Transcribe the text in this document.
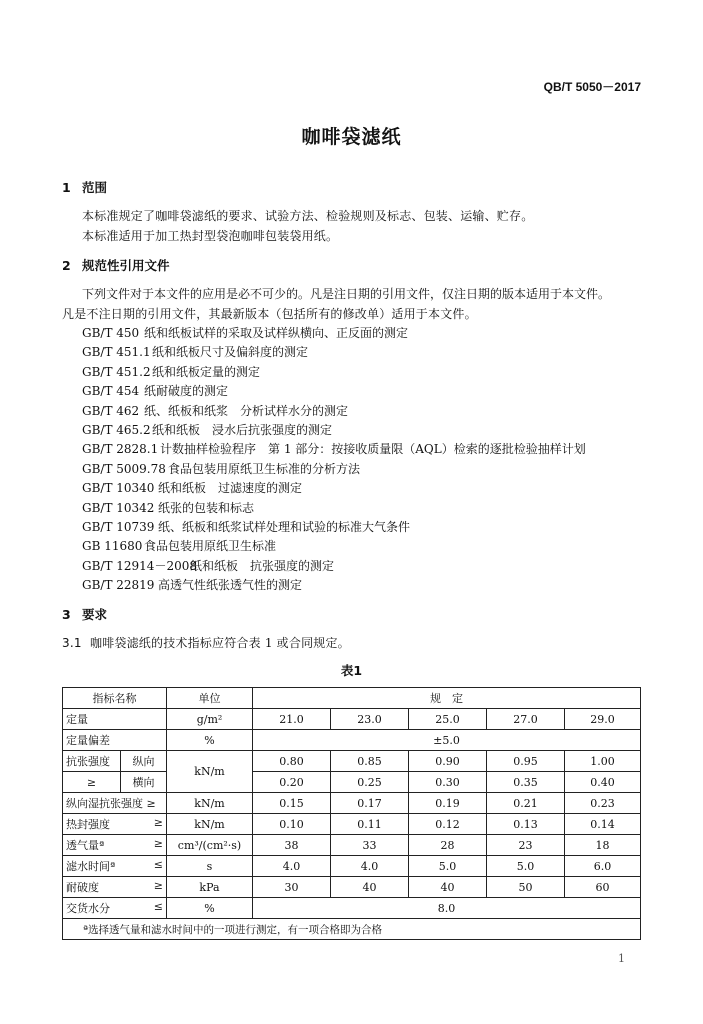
QB/T 5050－2017
咖啡袋滤纸
1 范围
本标准规定了咖啡袋滤纸的要求、试验方法、检验规则及标志、包装、运输、贮存。
本标准适用于加工热封型袋泡咖啡包装袋用纸。
2 规范性引用文件
下列文件对于本文件的应用是必不可少的。凡是注日期的引用文件，仅注日期的版本适用于本文件。
凡是不注日期的引用文件，其最新版本（包括所有的修改单）适用于本文件。
GB/T 450 纸和纸板试样的采取及试样纵横向、正反面的测定
GB/T 451.1纸和纸板尺寸及偏斜度的测定
GB/T 451.2纸和纸板定量的测定
GB/T 454 纸耐破度的测定
GB/T 462 纸、纸板和纸浆　分析试样水分的测定
GB/T 465.2纸和纸板　浸水后抗张强度的测定
GB/T 2828.1 计数抽样检验程序　第 1 部分：按接收质量限（AQL）检索的逐批检验抽样计划
GB/T 5009.78 食品包装用原纸卫生标准的分析方法
GB/T 10340 纸和纸板　过滤速度的测定
GB/T 10342 纸张的包装和标志
GB/T 10739 纸、纸板和纸浆试样处理和试验的标准大气条件
GB 11680 食品包装用原纸卫生标准
GB/T 12914－2008纸和纸板　抗张强度的测定
GB/T 22819 高透气性纸张透气性的测定
3 要求
3.1 咖啡袋滤纸的技术指标应符合表 1 或合同规定。
表1
指标名称		单位	规　定				
定量		g/m²	21.0	23.0	25.0	27.0	29.0
定量偏差		%	±5.0				
抗张强度	纵向	kN/m	0.80	0.85	0.90	0.95	1.00
≥	横向		0.20	0.25	0.30	0.35	0.40
纵向湿抗张强度 ≥		kN/m	0.15	0.17	0.19	0.21	0.23
热封强度 ≥		kN/m	0.10	0.11	0.12	0.13	0.14
透气量ª ≥		cm³/(cm²·s)	38	33	28	23	18
滤水时间ª ≤		s	4.0	4.0	5.0	5.0	6.0
耐破度 ≥		kPa	30	40	40	50	60
交货水分 ≤		%	8.0				
ª选择透气量和滤水时间中的一项进行测定，有一项合格即为合格							
1
